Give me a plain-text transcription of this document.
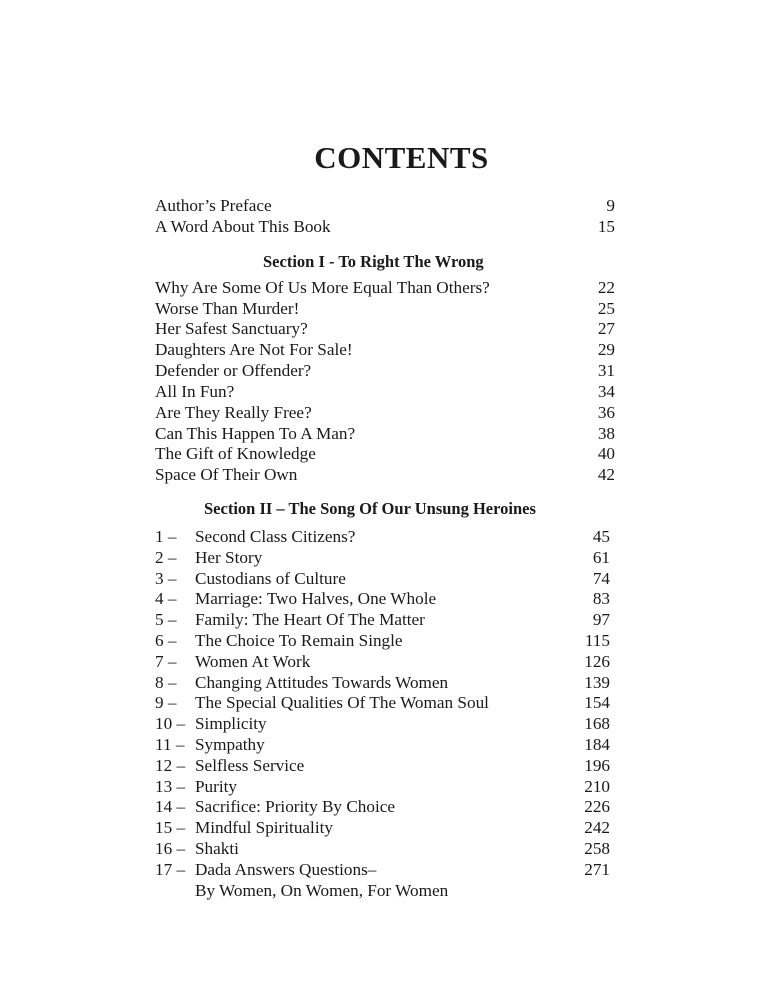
CONTENTS
Author’s Preface	9
A Word About This Book	15
Section I - To Right The Wrong
Why Are Some Of Us More Equal Than Others?	22
Worse Than Murder!	25
Her Safest Sanctuary?	27
Daughters Are Not For Sale!	29
Defender or Offender?	31
All In Fun?	34
Are They Really Free?	36
Can This Happen To A Man?	38
The Gift of Knowledge	40
Space Of Their Own	42
Section II – The Song Of Our Unsung Heroines
1 – Second Class Citizens?	45
2 – Her Story	61
3 – Custodians of Culture	74
4 – Marriage: Two Halves, One Whole	83
5 – Family: The Heart Of The Matter	97
6 – The Choice To Remain Single	115
7 – Women At Work	126
8 – Changing Attitudes Towards Women	139
9 – The Special Qualities Of The Woman Soul	154
10 – Simplicity	168
11 – Sympathy	184
12 – Selfless Service	196
13 – Purity	210
14 – Sacrifice: Priority By Choice	226
15 – Mindful Spirituality	242
16 – Shakti	258
17 – Dada Answers Questions–	271
By Women, On Women, For Women
